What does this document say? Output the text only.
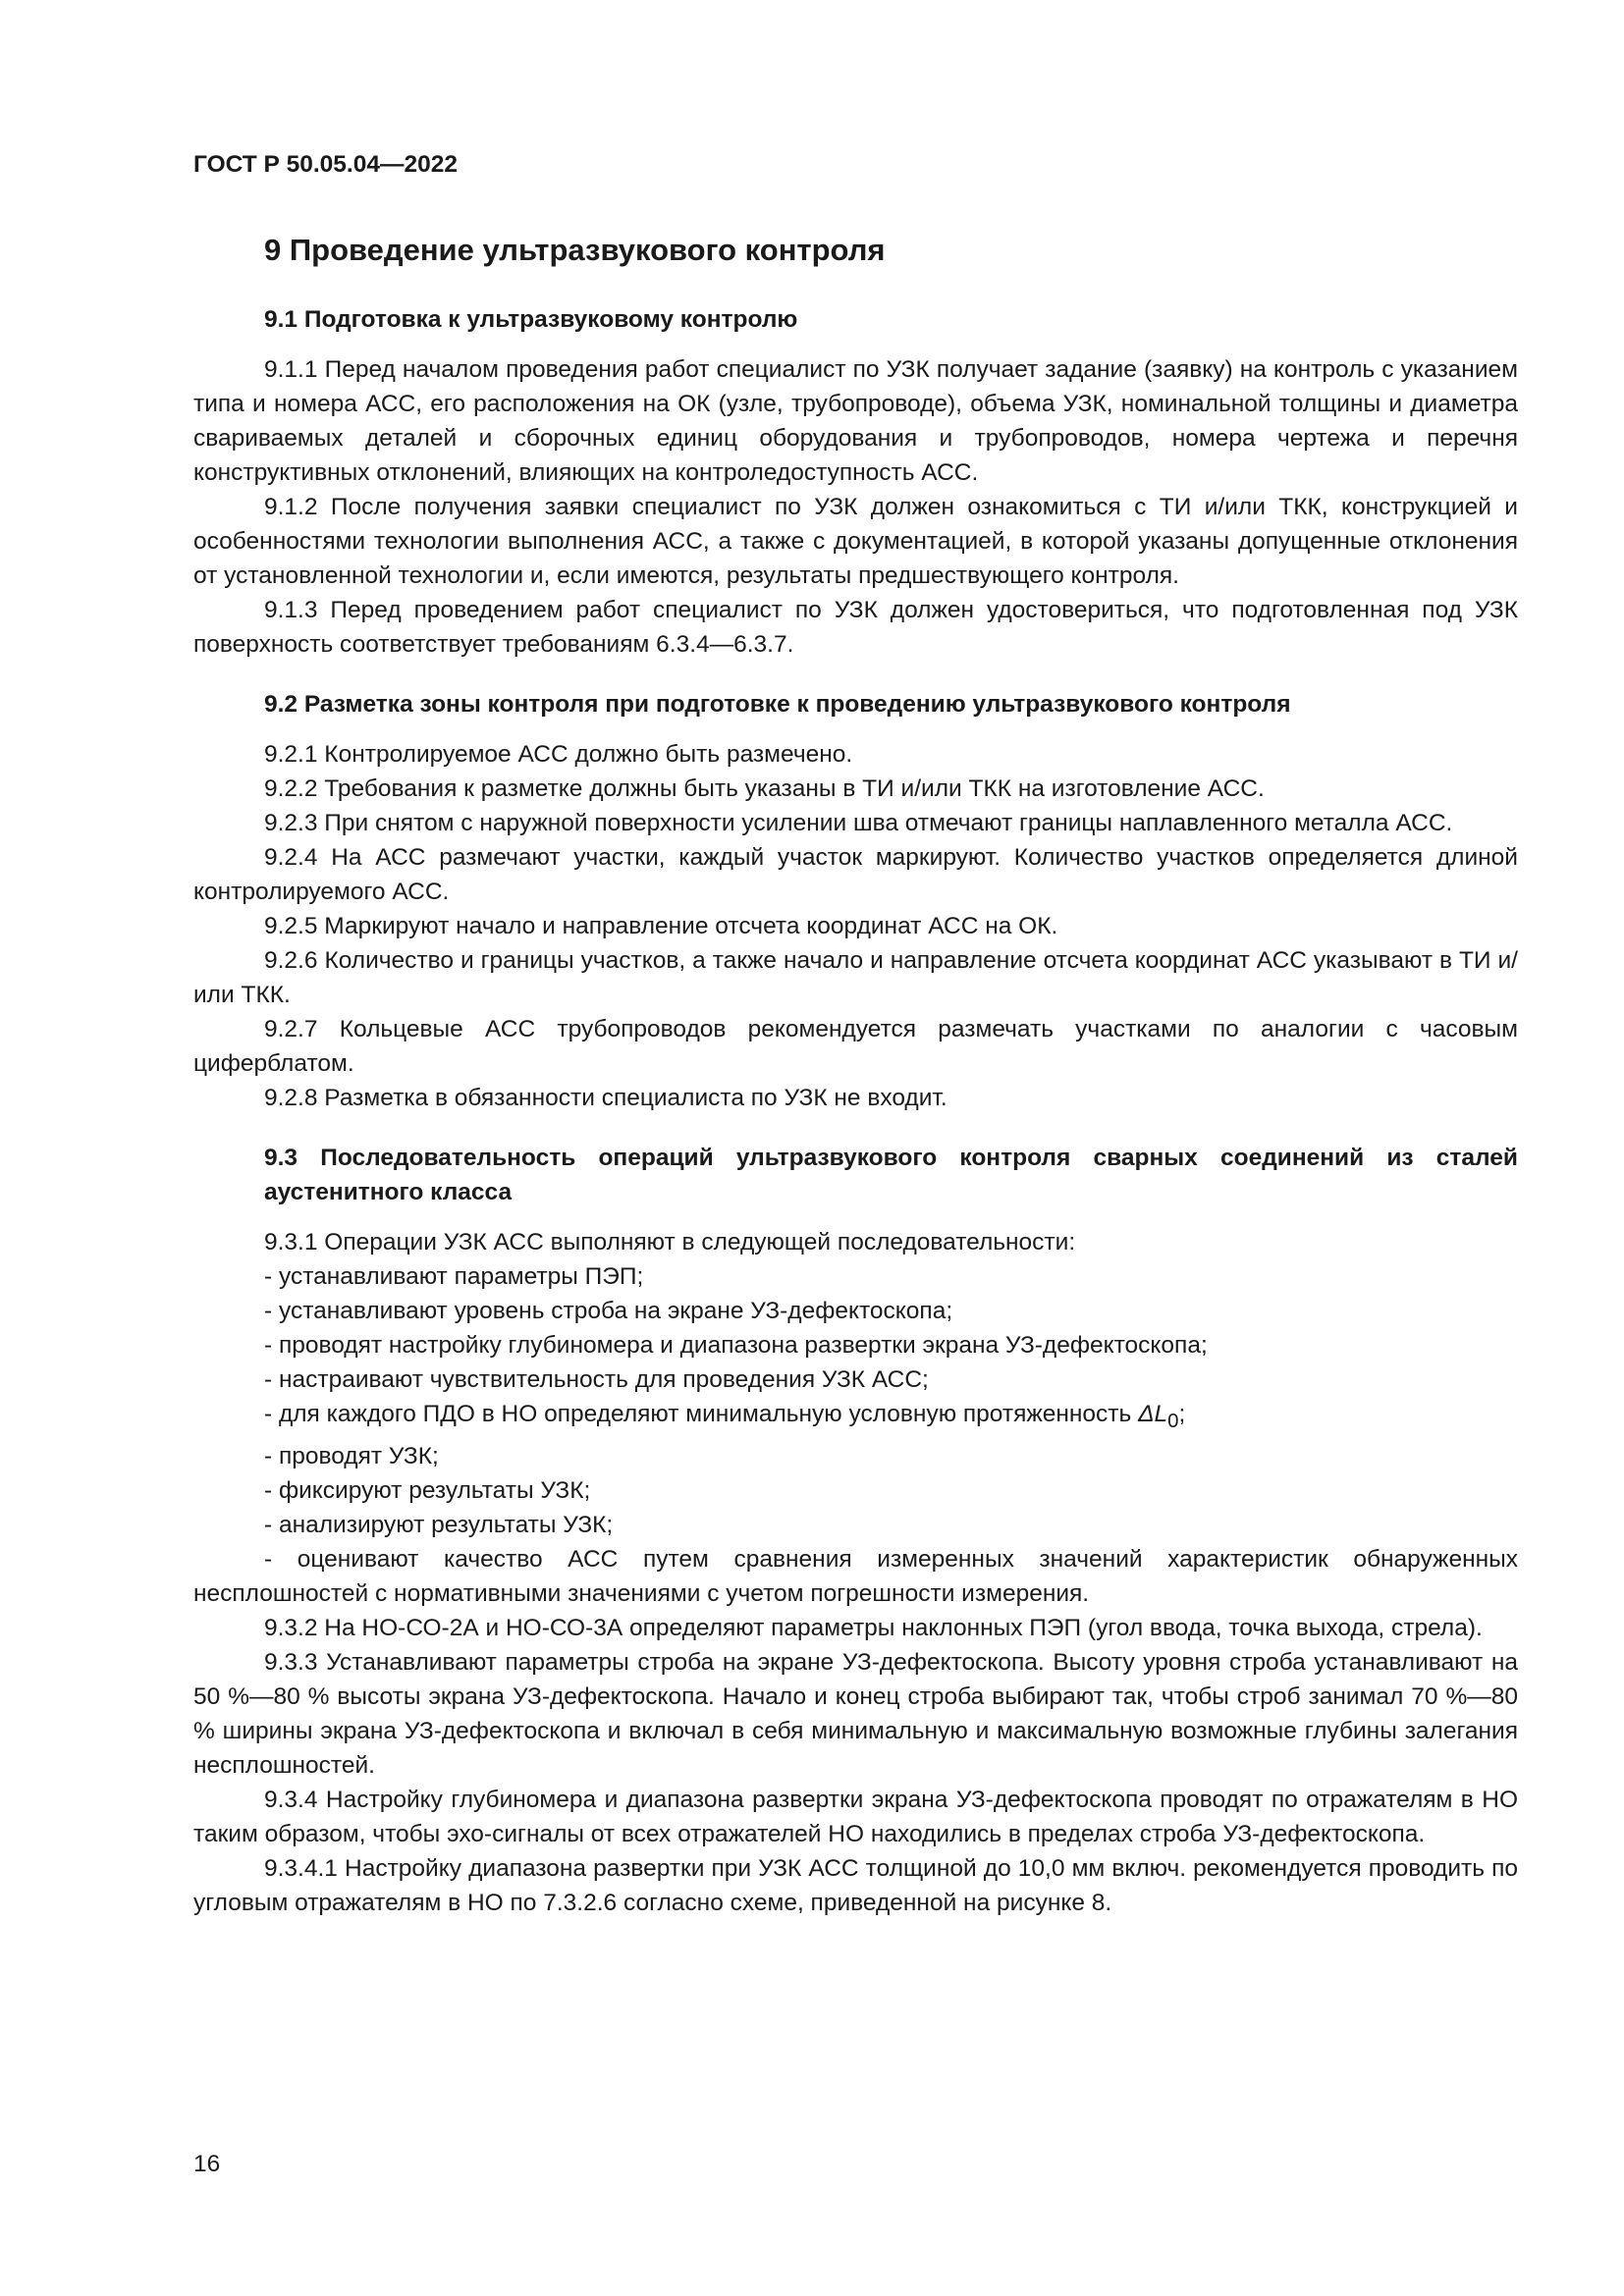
ГОСТ Р 50.05.04—2022
9 Проведение ультразвукового контроля
9.1 Подготовка к ультразвуковому контролю

9.1.1 Перед началом проведения работ специалист по УЗК получает задание (заявку) на контроль с указанием типа и номера АСС, его расположения на ОК (узле, трубопроводе), объема УЗК, номинальной толщины и диаметра свариваемых деталей и сборочных единиц оборудования и трубопроводов, номера чертежа и перечня конструктивных отклонений, влияющих на контроледоступность АСС.

9.1.2 После получения заявки специалист по УЗК должен ознакомиться с ТИ и/или ТКК, конструкцией и особенностями технологии выполнения АСС, а также с документацией, в которой указаны допущенные отклонения от установленной технологии и, если имеются, результаты предшествующего контроля.

9.1.3 Перед проведением работ специалист по УЗК должен удостовериться, что подготовленная под УЗК поверхность соответствует требованиям 6.3.4—6.3.7.

9.2 Разметка зоны контроля при подготовке к проведению ультразвукового контроля

9.2.1 Контролируемое АСС должно быть размечено.

9.2.2 Требования к разметке должны быть указаны в ТИ и/или ТКК на изготовление АСС.

9.2.3 При снятом с наружной поверхности усилении шва отмечают границы наплавленного металла АСС.

9.2.4 На АСС размечают участки, каждый участок маркируют. Количество участков определяется длиной контролируемого АСС.

9.2.5 Маркируют начало и направление отсчета координат АСС на ОК.

9.2.6 Количество и границы участков, а также начало и направление отсчета координат АСС указывают в ТИ и/или ТКК.

9.2.7 Кольцевые АСС трубопроводов рекомендуется размечать участками по аналогии с часовым циферблатом.

9.2.8 Разметка в обязанности специалиста по УЗК не входит.

9.3 Последовательность операций ультразвукового контроля сварных соединений из сталей аустенитного класса

9.3.1 Операции УЗК АСС выполняют в следующей последовательности:

- устанавливают параметры ПЭП;

- устанавливают уровень строба на экране УЗ-дефектоскопа;

- проводят настройку глубиномера и диапазона развертки экрана УЗ-дефектоскопа;

- настраивают чувствительность для проведения УЗК АСС;

- для каждого ПДО в НО определяют минимальную условную протяженность $\Delta L_0$;

- проводят УЗК;

- фиксируют результаты УЗК;

- анализируют результаты УЗК;

- оценивают качество АСС путем сравнения измеренных значений характеристик обнаруженных несплошностей с нормативными значениями с учетом погрешности измерения.

9.3.2 На НО-СО-2А и НО-СО-3А определяют параметры наклонных ПЭП (угол ввода, точка выхода, стрела).

9.3.3 Устанавливают параметры строба на экране УЗ-дефектоскопа. Высоту уровня строба устанавливают на 50 %—80 % высоты экрана УЗ-дефектоскопа. Начало и конец строба выбирают так, чтобы строб занимал 70 %—80 % ширины экрана УЗ-дефектоскопа и включал в себя минимальную и максимальную возможные глубины залегания несплошностей.

9.3.4 Настройку глубиномера и диапазона развертки экрана УЗ-дефектоскопа проводят по отражателям в НО таким образом, чтобы эхо-сигналы от всех отражателей НО находились в пределах строба УЗ-дефектоскопа.

9.3.4.1 Настройку диапазона развертки при УЗК АСС толщиной до 10,0 мм включ. рекомендуется проводить по угловым отражателям в НО по 7.3.2.6 согласно схеме, приведенной на рисунке 8.

16
